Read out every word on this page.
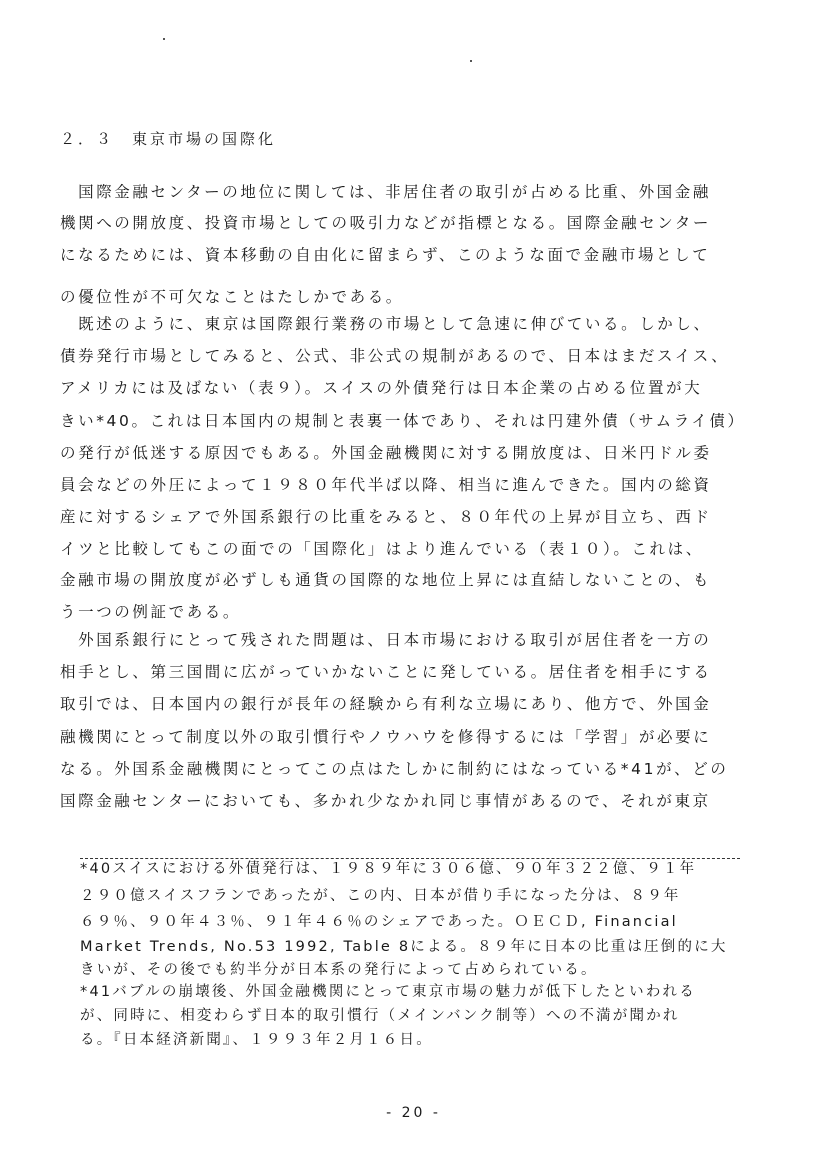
２．３　東京市場の国際化
　国際金融センターの地位に関しては、非居住者の取引が占める比重、外国金融
機関への開放度、投資市場としての吸引力などが指標となる。国際金融センター
になるためには、資本移動の自由化に留まらず、このような面で金融市場として
の優位性が不可欠なことはたしかである。
　既述のように、東京は国際銀行業務の市場として急速に伸びている。しかし、
債券発行市場としてみると、公式、非公式の規制があるので、日本はまだスイス、
アメリカには及ばない（表９）。スイスの外債発行は日本企業の占める位置が大
きい*40。これは日本国内の規制と表裏一体であり、それは円建外債（サムライ債）
の発行が低迷する原因でもある。外国金融機関に対する開放度は、日米円ドル委
員会などの外圧によって１９８０年代半ば以降、相当に進んできた。国内の総資
産に対するシェアで外国系銀行の比重をみると、８０年代の上昇が目立ち、西ド
イツと比較してもこの面での「国際化」はより進んでいる（表１０）。これは、
金融市場の開放度が必ずしも通貨の国際的な地位上昇には直結しないことの、も
う一つの例証である。
　外国系銀行にとって残された問題は、日本市場における取引が居住者を一方の
相手とし、第三国間に広がっていかないことに発している。居住者を相手にする
取引では、日本国内の銀行が長年の経験から有利な立場にあり、他方で、外国金
融機関にとって制度以外の取引慣行やノウハウを修得するには「学習」が必要に
なる。外国系金融機関にとってこの点はたしかに制約にはなっている*41が、どの
国際金融センターにおいても、多かれ少なかれ同じ事情があるので、それが東京
*40スイスにおける外債発行は、１９８９年に３０６億、９０年３２２億、９１年
２９０億スイスフランであったが、この内、日本が借り手になった分は、８９年
６９％、９０年４３％、９１年４６％のシェアであった。ＯＥＣＤ, Financial
Market Trends, No.53 1992, Table 8による。８９年に日本の比重は圧倒的に大
きいが、その後でも約半分が日本系の発行によって占められている。
*41バブルの崩壊後、外国金融機関にとって東京市場の魅力が低下したといわれる
が、同時に、相変わらず日本的取引慣行（メインバンク制等）への不満が聞かれ
る。『日本経済新聞』、１９９３年２月１６日。
- 20 -
